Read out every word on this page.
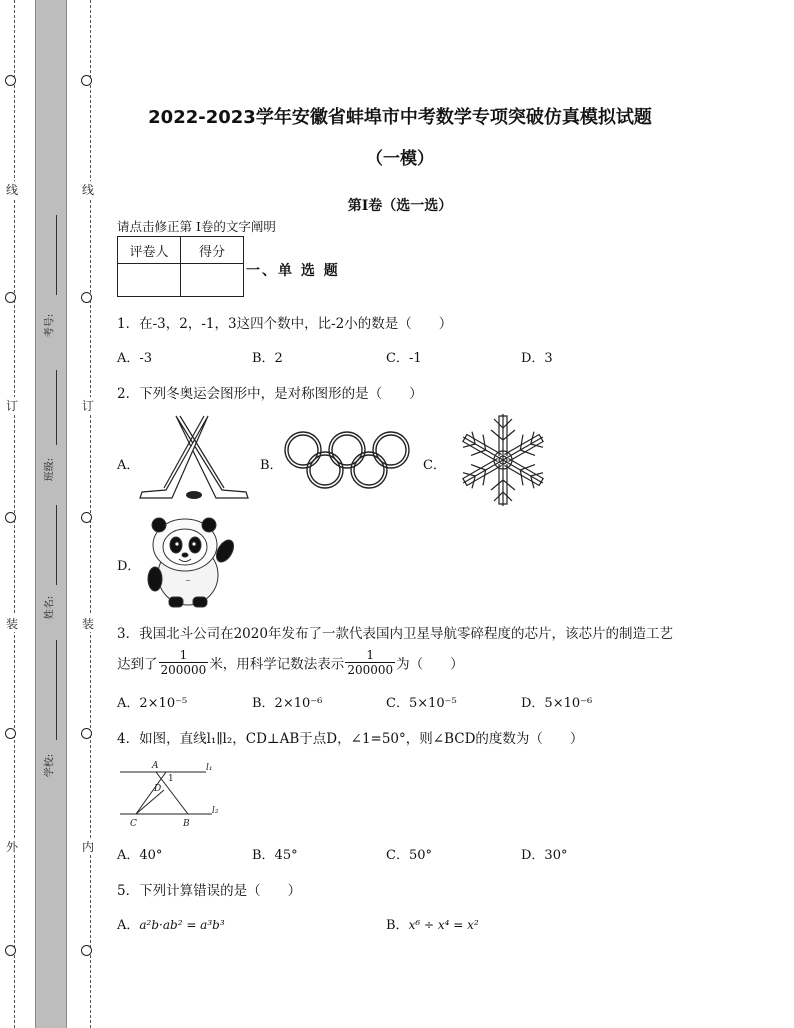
线
订
装
外
线
订
装
内
考号:
班级:
姓名:
学校:
2022-2023学年安徽省蚌埠市中考数学专项突破仿真模拟试题
（一模）
第I卷（选一选）
请点击修正第 I卷的文字阐明
评卷人	得分

一、单 选 题
1．在-3，2，-1，3这四个数中，比-2小的数是（　　）
A．-3	B．2	C．-1	D．3
2．下列冬奥运会图形中，是对称图形的是（　　）
A．	B．	C．
D．
~
3．我国北斗公司在2020年发布了一款代表国内卫星导航零碎程度的芯片，该芯片的制造工艺
达到了 $\frac{1}{200000}$ 米，用科学记数法表示 $\frac{1}{200000}$ 为（　　）
A．2×10⁻⁵	B．2×10⁻⁶	C．5×10⁻⁵	D．5×10⁻⁶
4．如图，直线l₁∥l₂，CD⊥AB于点D，∠1=50°，则∠BCD的度数为（　　）
A
1
D
C	B
l₁
l₂
A．40°	B．45°	C．50°	D．30°
5．下列计算错误的是（　　）
A．a²b·ab² = a³b³	B．x⁶ ÷ x⁴ = x²
